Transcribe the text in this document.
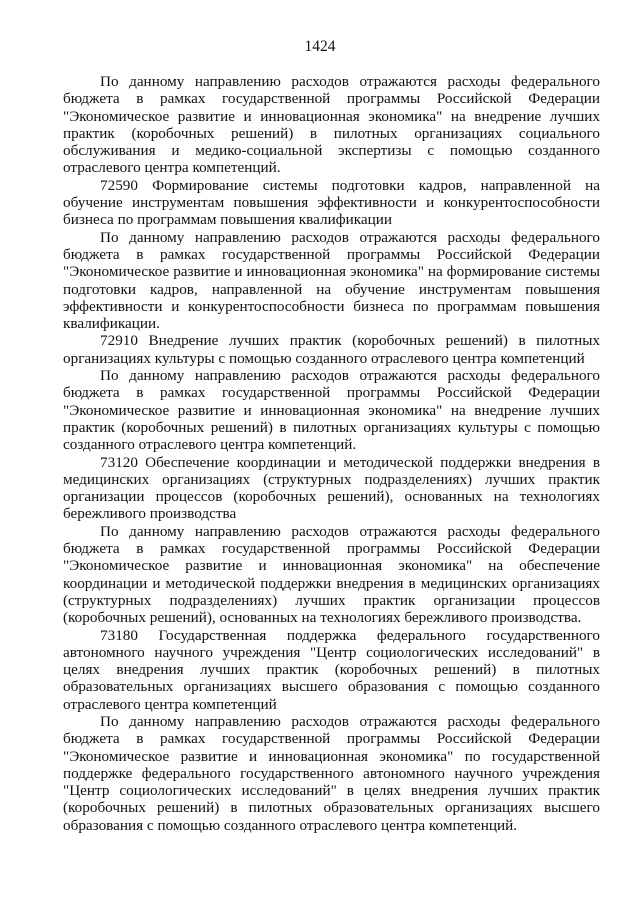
1424

По данному направлению расходов отражаются расходы федерального бюджета в рамках государственной программы Российской Федерации "Экономическое развитие и инновационная экономика" на внедрение лучших практик (коробочных решений) в пилотных организациях социального обслуживания и медико-социальной экспертизы с помощью созданного отраслевого центра компетенций.

72590 Формирование системы подготовки кадров, направленной на обучение инструментам повышения эффективности и конкурентоспособности бизнеса по программам повышения квалификации

По данному направлению расходов отражаются расходы федерального бюджета в рамках государственной программы Российской Федерации "Экономическое развитие и инновационная экономика" на формирование системы подготовки кадров, направленной на обучение инструментам повышения эффективности и конкурентоспособности бизнеса по программам повышения квалификации.

72910 Внедрение лучших практик (коробочных решений) в пилотных организациях культуры с помощью созданного отраслевого центра компетенций

По данному направлению расходов отражаются расходы федерального бюджета в рамках государственной программы Российской Федерации "Экономическое развитие и инновационная экономика" на внедрение лучших практик (коробочных решений) в пилотных организациях культуры с помощью созданного отраслевого центра компетенций.

73120 Обеспечение координации и методической поддержки внедрения в медицинских организациях (структурных подразделениях) лучших практик организации процессов (коробочных решений), основанных на технологиях бережливого производства

По данному направлению расходов отражаются расходы федерального бюджета в рамках государственной программы Российской Федерации "Экономическое развитие и инновационная экономика" на обеспечение координации и методической поддержки внедрения в медицинских организациях (структурных подразделениях) лучших практик организации процессов (коробочных решений), основанных на технологиях бережливого производства.

73180 Государственная поддержка федерального государственного автономного научного учреждения "Центр социологических исследований" в целях внедрения лучших практик (коробочных решений) в пилотных образовательных организациях высшего образования с помощью созданного отраслевого центра компетенций

По данному направлению расходов отражаются расходы федерального бюджета в рамках государственной программы Российской Федерации "Экономическое развитие и инновационная экономика" по государственной поддержке федерального государственного автономного научного учреждения "Центр социологических исследований" в целях внедрения лучших практик (коробочных решений) в пилотных образовательных организациях высшего образования с помощью созданного отраслевого центра компетенций.
